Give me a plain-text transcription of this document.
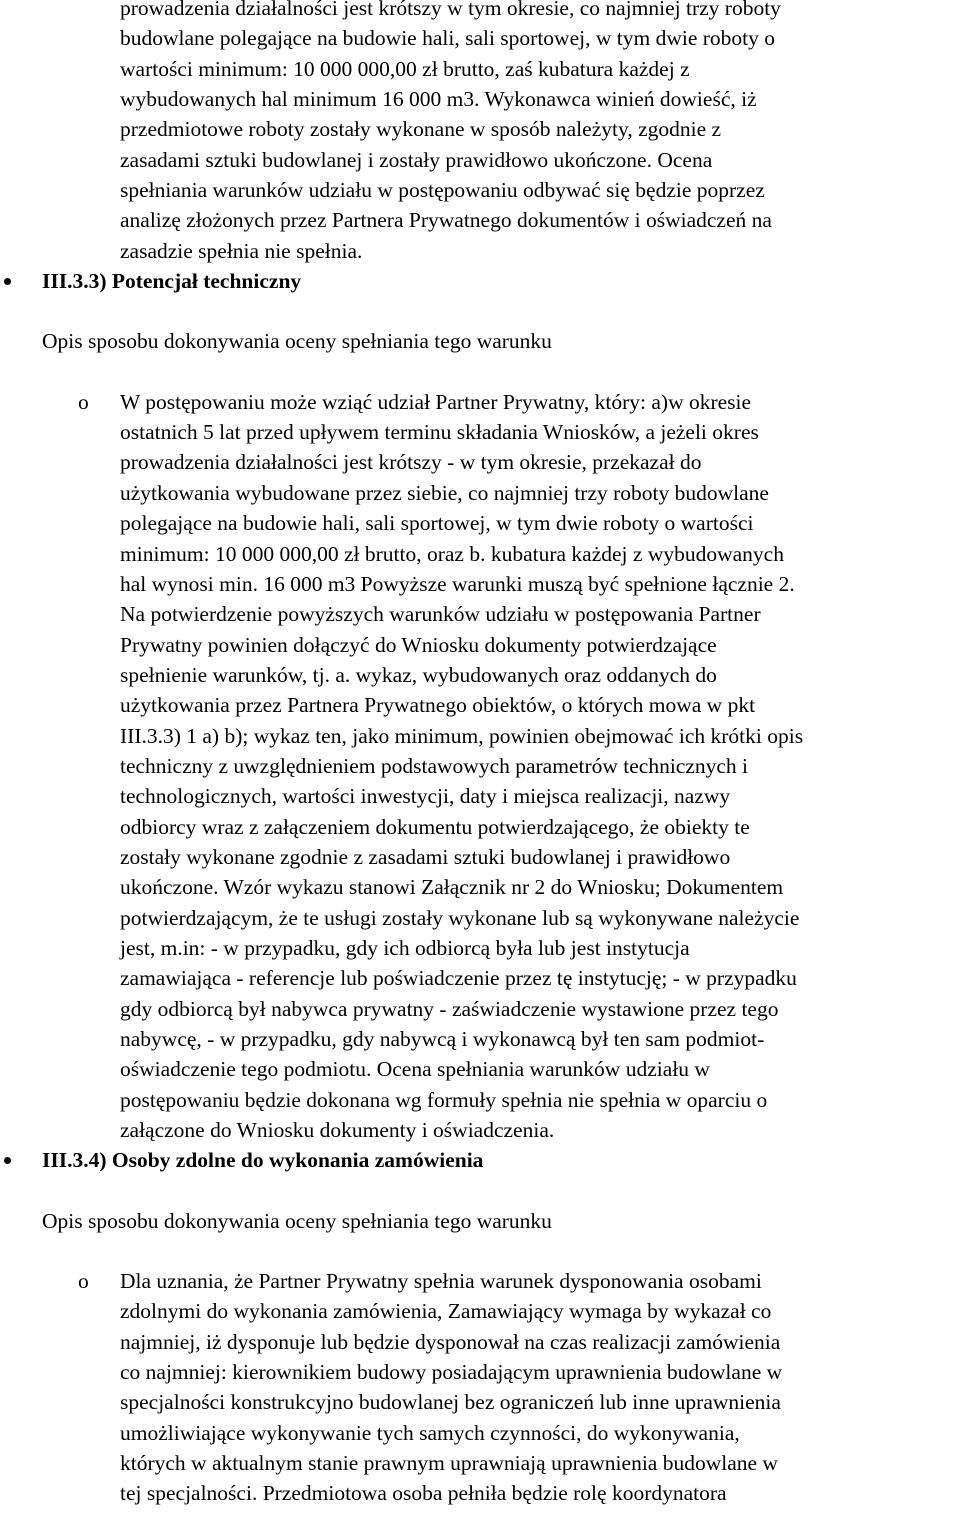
prowadzenia działalności jest krótszy w tym okresie, co najmniej trzy roboty
budowlane polegające na budowie hali, sali sportowej, w tym dwie roboty o
wartości minimum: 10 000 000,00 zł brutto, zaś kubatura każdej z
wybudowanych hal minimum 16 000 m3. Wykonawca winień dowieść, iż
przedmiotowe roboty zostały wykonane w sposób należyty, zgodnie z
zasadami sztuki budowlanej i zostały prawidłowo ukończone. Ocena
spełniania warunków udziału w postępowaniu odbywać się będzie poprzez
analizę złożonych przez Partnera Prywatnego dokumentów i oświadczeń na
zasadzie spełnia nie spełnia.
III.3.3) Potencjał techniczny
Opis sposobu dokonywania oceny spełniania tego warunku
o W postępowaniu może wziąć udział Partner Prywatny, który: a)w okresie
ostatnich 5 lat przed upływem terminu składania Wniosków, a jeżeli okres
prowadzenia działalności jest krótszy - w tym okresie, przekazał do
użytkowania wybudowane przez siebie, co najmniej trzy roboty budowlane
polegające na budowie hali, sali sportowej, w tym dwie roboty o wartości
minimum: 10 000 000,00 zł brutto, oraz b. kubatura każdej z wybudowanych
hal wynosi min. 16 000 m3 Powyższe warunki muszą być spełnione łącznie 2.
Na potwierdzenie powyższych warunków udziału w postępowania Partner
Prywatny powinien dołączyć do Wniosku dokumenty potwierdzające
spełnienie warunków, tj. a. wykaz, wybudowanych oraz oddanych do
użytkowania przez Partnera Prywatnego obiektów, o których mowa w pkt
III.3.3) 1 a) b); wykaz ten, jako minimum, powinien obejmować ich krótki opis
techniczny z uwzględnieniem podstawowych parametrów technicznych i
technologicznych, wartości inwestycji, daty i miejsca realizacji, nazwy
odbiorcy wraz z załączeniem dokumentu potwierdzającego, że obiekty te
zostały wykonane zgodnie z zasadami sztuki budowlanej i prawidłowo
ukończone. Wzór wykazu stanowi Załącznik nr 2 do Wniosku; Dokumentem
potwierdzającym, że te usługi zostały wykonane lub są wykonywane należycie
jest, m.in: - w przypadku, gdy ich odbiorcą była lub jest instytucja
zamawiająca - referencje lub poświadczenie przez tę instytucję; - w przypadku
gdy odbiorcą był nabywca prywatny - zaświadczenie wystawione przez tego
nabywcę, - w przypadku, gdy nabywcą i wykonawcą był ten sam podmiot-
oświadczenie tego podmiotu. Ocena spełniania warunków udziału w
postępowaniu będzie dokonana wg formuły spełnia nie spełnia w oparciu o
załączone do Wniosku dokumenty i oświadczenia.
III.3.4) Osoby zdolne do wykonania zamówienia
Opis sposobu dokonywania oceny spełniania tego warunku
o Dla uznania, że Partner Prywatny spełnia warunek dysponowania osobami
zdolnymi do wykonania zamówienia, Zamawiający wymaga by wykazał co
najmniej, iż dysponuje lub będzie dysponował na czas realizacji zamówienia
co najmniej: kierownikiem budowy posiadającym uprawnienia budowlane w
specjalności konstrukcyjno budowlanej bez ograniczeń lub inne uprawnienia
umożliwiające wykonywanie tych samych czynności, do wykonywania,
których w aktualnym stanie prawnym uprawniają uprawnienia budowlane w
tej specjalności. Przedmiotowa osoba pełniła będzie rolę koordynatora
